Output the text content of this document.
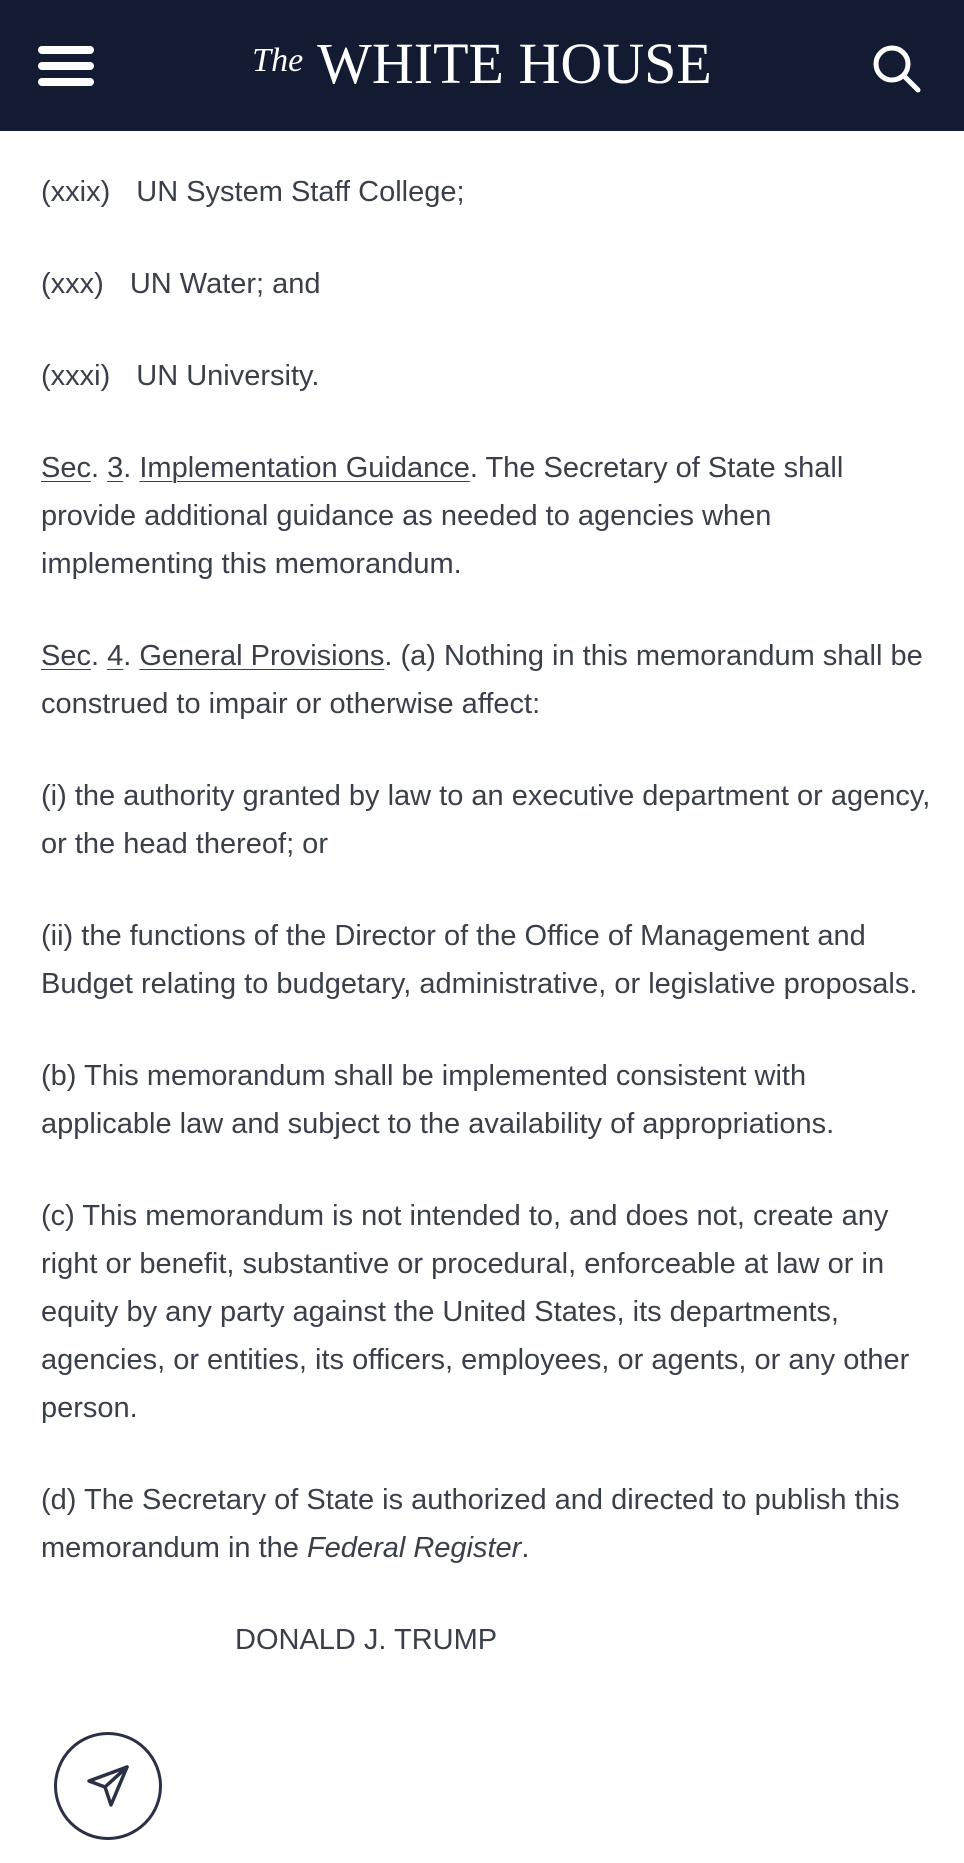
The WHITE HOUSE

(xxix) UN System Staff College;

(xxx) UN Water; and

(xxxi) UN University.

Sec. 3. Implementation Guidance. The Secretary of State shall provide additional guidance as needed to agencies when implementing this memorandum.

Sec. 4. General Provisions. (a) Nothing in this memorandum shall be construed to impair or otherwise affect:

(i) the authority granted by law to an executive department or agency, or the head thereof; or

(ii) the functions of the Director of the Office of Management and Budget relating to budgetary, administrative, or legislative proposals.

(b) This memorandum shall be implemented consistent with applicable law and subject to the availability of appropriations.

(c) This memorandum is not intended to, and does not, create any right or benefit, substantive or procedural, enforceable at law or in equity by any party against the United States, its departments, agencies, or entities, its officers, employees, or agents, or any other person.

(d) The Secretary of State is authorized and directed to publish this memorandum in the Federal Register.

DONALD J. TRUMP
